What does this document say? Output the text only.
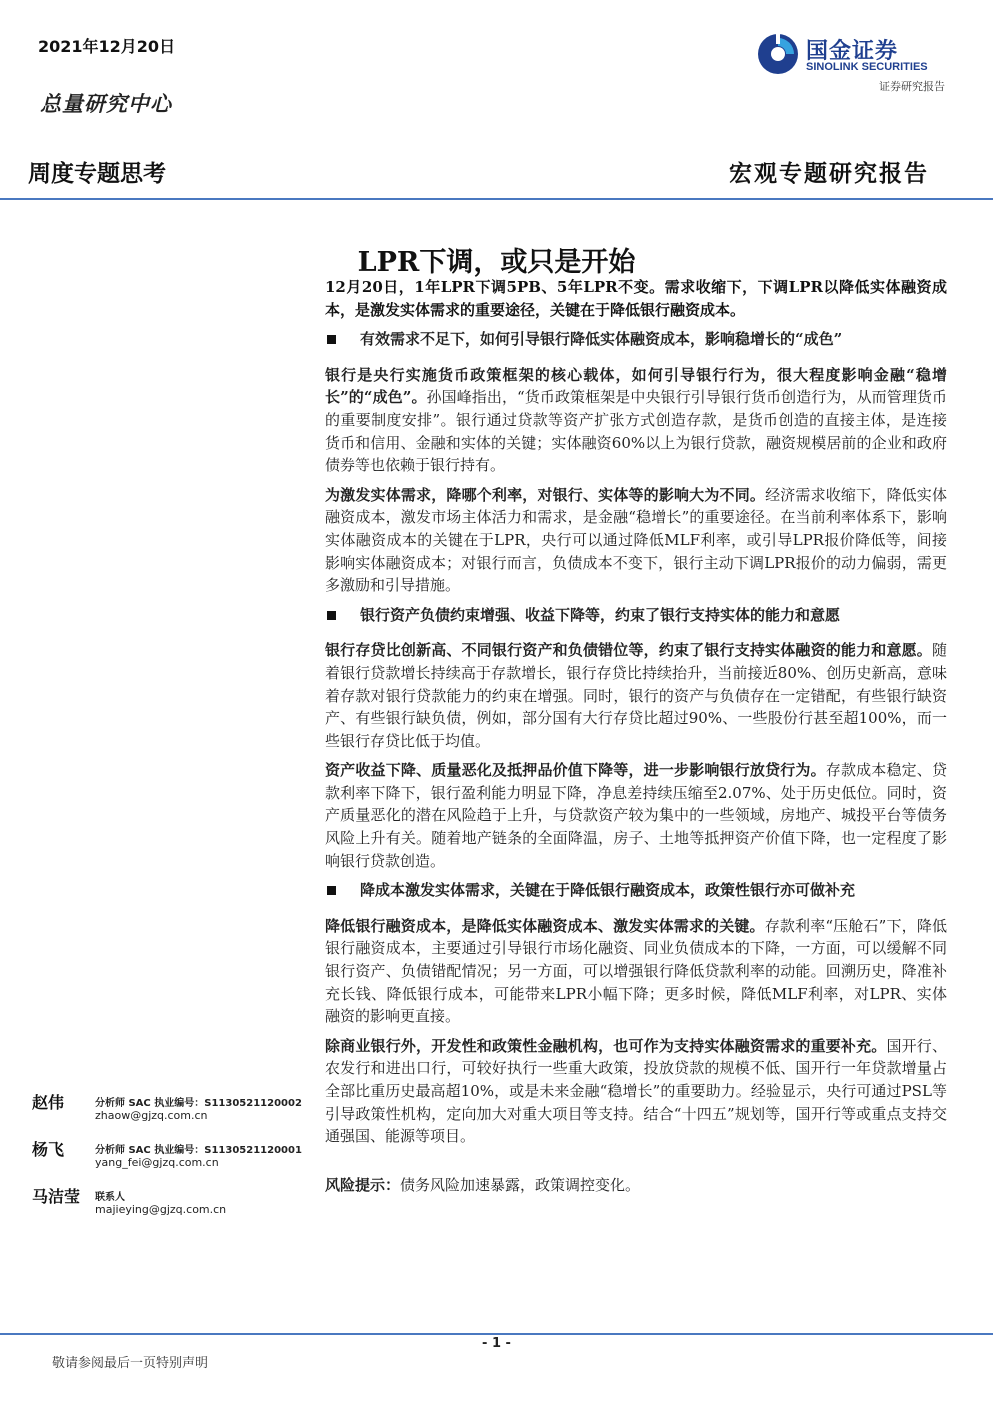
2021年12月20日
总量研究中心
国金证券
SINOLINK SECURITIES
证券研究报告
周度专题思考	宏观专题研究报告
LPR下调，或只是开始

12月20日，1年LPR下调5PB、5年LPR不变。需求收缩下，下调LPR以降低实体融资成本，是激发实体需求的重要途径，关键在于降低银行融资成本。

有效需求不足下，如何引导银行降低实体融资成本，影响稳增长的“成色”

银行是央行实施货币政策框架的核心载体，如何引导银行行为，很大程度影响金融“稳增长”的“成色”。孙国峰指出，“货币政策框架是中央银行引导银行货币创造行为，从而管理货币的重要制度安排”。银行通过贷款等资产扩张方式创造存款，是货币创造的直接主体，是连接货币和信用、金融和实体的关键；实体融资60%以上为银行贷款，融资规模居前的企业和政府债券等也依赖于银行持有。

为激发实体需求，降哪个利率，对银行、实体等的影响大为不同。经济需求收缩下，降低实体融资成本，激发市场主体活力和需求，是金融“稳增长”的重要途径。在当前利率体系下，影响实体融资成本的关键在于LPR，央行可以通过降低MLF利率，或引导LPR报价降低等，间接影响实体融资成本；对银行而言，负债成本不变下，银行主动下调LPR报价的动力偏弱，需更多激励和引导措施。

银行资产负债约束增强、收益下降等，约束了银行支持实体的能力和意愿

银行存贷比创新高、不同银行资产和负债错位等，约束了银行支持实体融资的能力和意愿。随着银行贷款增长持续高于存款增长，银行存贷比持续抬升，当前接近80%、创历史新高，意味着存款对银行贷款能力的约束在增强。同时，银行的资产与负债存在一定错配，有些银行缺资产、有些银行缺负债，例如，部分国有大行存贷比超过90%、一些股份行甚至超100%，而一些银行存贷比低于均值。

资产收益下降、质量恶化及抵押品价值下降等，进一步影响银行放贷行为。存款成本稳定、贷款利率下降下，银行盈利能力明显下降，净息差持续压缩至2.07%、处于历史低位。同时，资产质量恶化的潜在风险趋于上升，与贷款资产较为集中的一些领域，房地产、城投平台等债务风险上升有关。随着地产链条的全面降温，房子、土地等抵押资产价值下降，也一定程度了影响银行贷款创造。

降成本激发实体需求，关键在于降低银行融资成本，政策性银行亦可做补充

降低银行融资成本，是降低实体融资成本、激发实体需求的关键。存款利率“压舱石”下，降低银行融资成本，主要通过引导银行市场化融资、同业负债成本的下降，一方面，可以缓解不同银行资产、负债错配情况；另一方面，可以增强银行降低贷款利率的动能。回溯历史，降准补充长钱、降低银行成本，可能带来LPR小幅下降；更多时候，降低MLF利率，对LPR、实体融资的影响更直接。

除商业银行外，开发性和政策性金融机构，也可作为支持实体融资需求的重要补充。国开行、农发行和进出口行，可较好执行一些重大政策，投放贷款的规模不低、国开行一年贷款增量占全部比重历史最高超10%，或是未来金融“稳增长”的重要助力。经验显示，央行可通过PSL等引导政策性机构，定向加大对重大项目等支持。结合“十四五”规划等，国开行等或重点支持交通强国、能源等项目。

风险提示：债务风险加速暴露，政策调控变化。

赵伟	分析师 SAC 执业编号：S1130521120002
zhaow@gjzq.com.cn
杨飞	分析师 SAC 执业编号：S1130521120001
yang_fei@gjzq.com.cn
马洁莹 联系人
majieying@gjzq.com.cn
- 1 -
敬请参阅最后一页特别声明
